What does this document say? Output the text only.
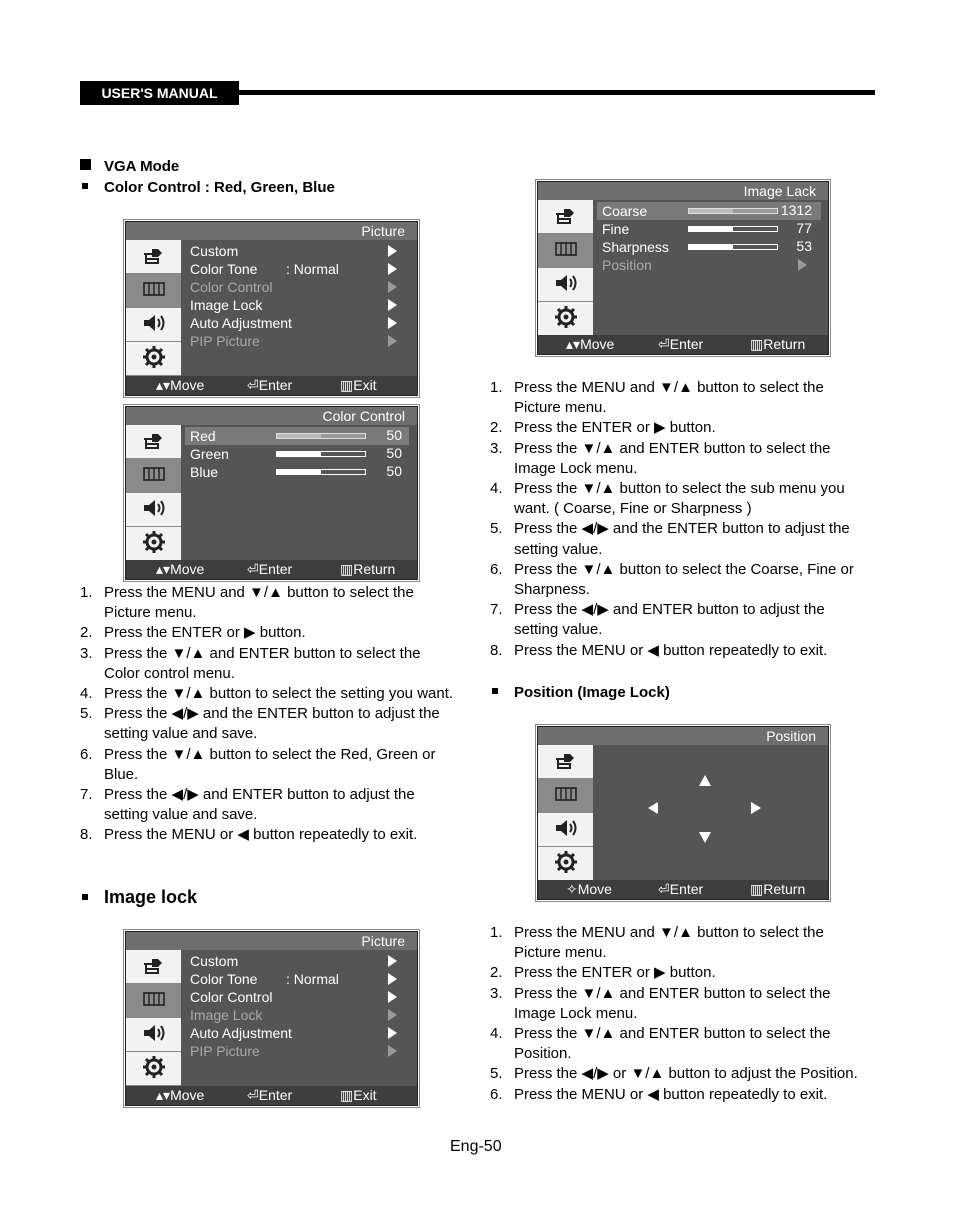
USER'S MANUAL
VGA Mode
Color Control : Red, Green, Blue
Picture
Custom
Color Tone : Normal
Color Control
Image Lock
Auto Adjustment
PIP Picture
▴▾ Move	⏎ Enter	▥ Exit
Color Control
Red	50
Green	50
Blue	50
▴▾ Move	⏎ Enter	▥ Return
1. Press the MENU and ▼/▲ button to select the Picture menu.
2. Press the ENTER or ▶ button.
3. Press the ▼/▲ and ENTER button to select the Color control menu.
4. Press the ▼/▲ button to select the setting you want.
5. Press the ◀/▶ and the ENTER button to adjust the setting value and save.
6. Press the ▼/▲ button to select the Red, Green or Blue.
7. Press the ◀/▶ and ENTER button to adjust the setting value and save.
8. Press the MENU or ◀ button repeatedly to exit.
Image lock
Picture
Custom
Color Tone : Normal
Color Control
Image Lock
Auto Adjustment
PIP Picture
▴▾ Move	⏎ Enter	▥ Exit
Image Lack
Coarse	1312
Fine	77
Sharpness	53
Position
▴▾ Move	⏎ Enter	▥ Return
1. Press the MENU and ▼/▲ button to select the Picture menu.
2. Press the ENTER or ▶ button.
3. Press the ▼/▲ and ENTER button to select the Image Lock menu.
4. Press the ▼/▲ button to select the sub menu you want. ( Coarse, Fine or Sharpness )
5. Press the ◀/▶ and the ENTER button to adjust the setting value.
6. Press the ▼/▲ button to select the Coarse, Fine or Sharpness.
7. Press the ◀/▶ and ENTER button to adjust the setting value.
8. Press the MENU or ◀ button repeatedly to exit.
Position (Image Lock)
Position
✧ Move	⏎ Enter	▥ Return
1. Press the MENU and ▼/▲ button to select the Picture menu.
2. Press the ENTER or ▶ button.
3. Press the ▼/▲ and ENTER button to select the Image Lock menu.
4. Press the ▼/▲ and ENTER button to select the Position.
5. Press the ◀/▶ or ▼/▲ button to adjust the Position.
6. Press the MENU or ◀ button repeatedly to exit.
Eng-50
